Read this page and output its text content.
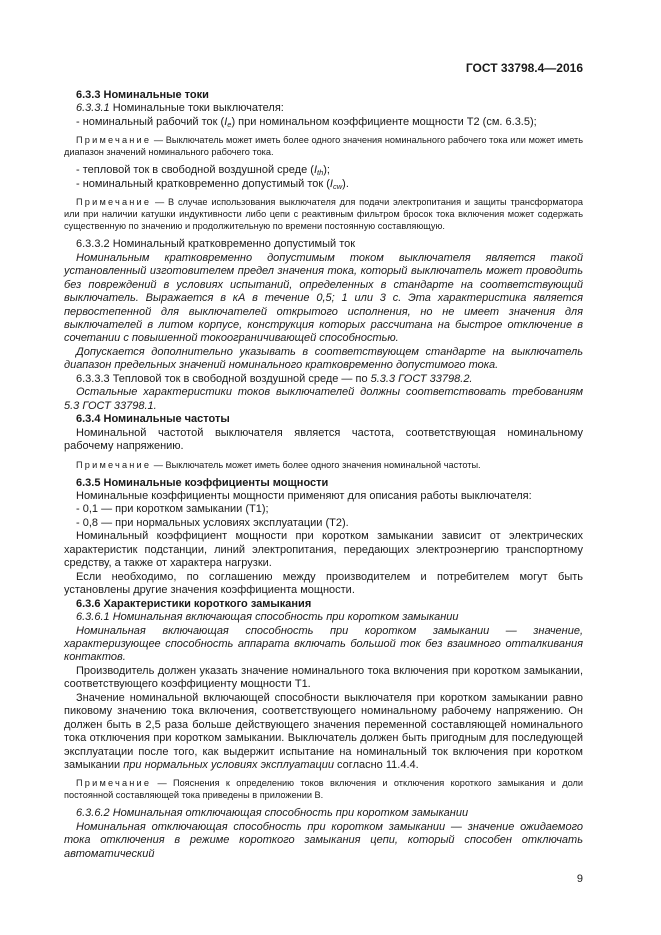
ГОСТ 33798.4—2016

6.3.3 Номинальные токи

6.3.3.1 Номинальные токи выключателя:

- номинальный рабочий ток $(I_e)$ при номинальном коэффициенте мощности Т2 (см. 6.3.5);

Примечание — Выключатель может иметь более одного значения номинального рабочего тока или может иметь диапазон значений номинального рабочего тока.

- тепловой ток в свободной воздушной среде $(I_{th})$;

- номинальный кратковременно допустимый ток $(I_{cw})$.

Примечание — В случае использования выключателя для подачи электропитания и защиты трансформатора или при наличии катушки индуктивности либо цепи с реактивным фильтром бросок тока включения может содержать существенную по значению и продолжительную по времени постоянную составляющую.

6.3.3.2 Номинальный кратковременно допустимый ток

Номинальным кратковременно допустимым током выключателя является такой установленный изготовителем предел значения тока, который выключатель может проводить без повреждений в условиях испытаний, определенных в стандарте на соответствующий выключатель. Выражается в кА в течение 0,5; 1 или 3 с. Эта характеристика является первостепенной для выключателей открытого исполнения, но не имеет значения для выключателей в литом корпусе, конструкция которых рассчитана на быстрое отключение в сочетании с повышенной токоограничивающей способностью.

Допускается дополнительно указывать в соответствующем стандарте на выключатель диапазон предельных значений номинального кратковременно допустимого тока.

6.3.3.3 Тепловой ток в свободной воздушной среде — по 5.3.3 ГОСТ 33798.2.

Остальные характеристики токов выключателей должны соответствовать требованиям 5.3 ГОСТ 33798.1.

6.3.4 Номинальные частоты

Номинальной частотой выключателя является частота, соответствующая номинальному рабочему напряжению.

Примечание — Выключатель может иметь более одного значения номинальной частоты.

6.3.5 Номинальные коэффициенты мощности

Номинальные коэффициенты мощности применяют для описания работы выключателя:

- 0,1 — при коротком замыкании (Т1);

- 0,8 — при нормальных условиях эксплуатации (Т2).

Номинальный коэффициент мощности при коротком замыкании зависит от электрических характеристик подстанции, линий электропитания, передающих электроэнергию транспортному средству, а также от характера нагрузки.

Если необходимо, по соглашению между производителем и потребителем могут быть установлены другие значения коэффициента мощности.

6.3.6 Характеристики короткого замыкания

6.3.6.1 Номинальная включающая способность при коротком замыкании

Номинальная включающая способность при коротком замыкании — значение, характеризующее способность аппарата включать большой ток без взаимного отталкивания контактов.

Производитель должен указать значение номинального тока включения при коротком замыкании, соответствующего коэффициенту мощности Т1.

Значение номинальной включающей способности выключателя при коротком замыкании равно пиковому значению тока включения, соответствующего номинальному рабочему напряжению. Он должен быть в 2,5 раза больше действующего значения переменной составляющей номинального тока отключения при коротком замыкании. Выключатель должен быть пригодным для последующей эксплуатации после того, как выдержит испытание на номинальный ток включения при коротком замыкании при нормальных условиях эксплуатации согласно 11.4.4.

Примечание — Пояснения к определению токов включения и отключения короткого замыкания и доли постоянной составляющей тока приведены в приложении В.

6.3.6.2 Номинальная отключающая способность при коротком замыкании

Номинальная отключающая способность при коротком замыкании — значение ожидаемого тока отключения в режиме короткого замыкания цепи, который способен отключать автоматический

9
